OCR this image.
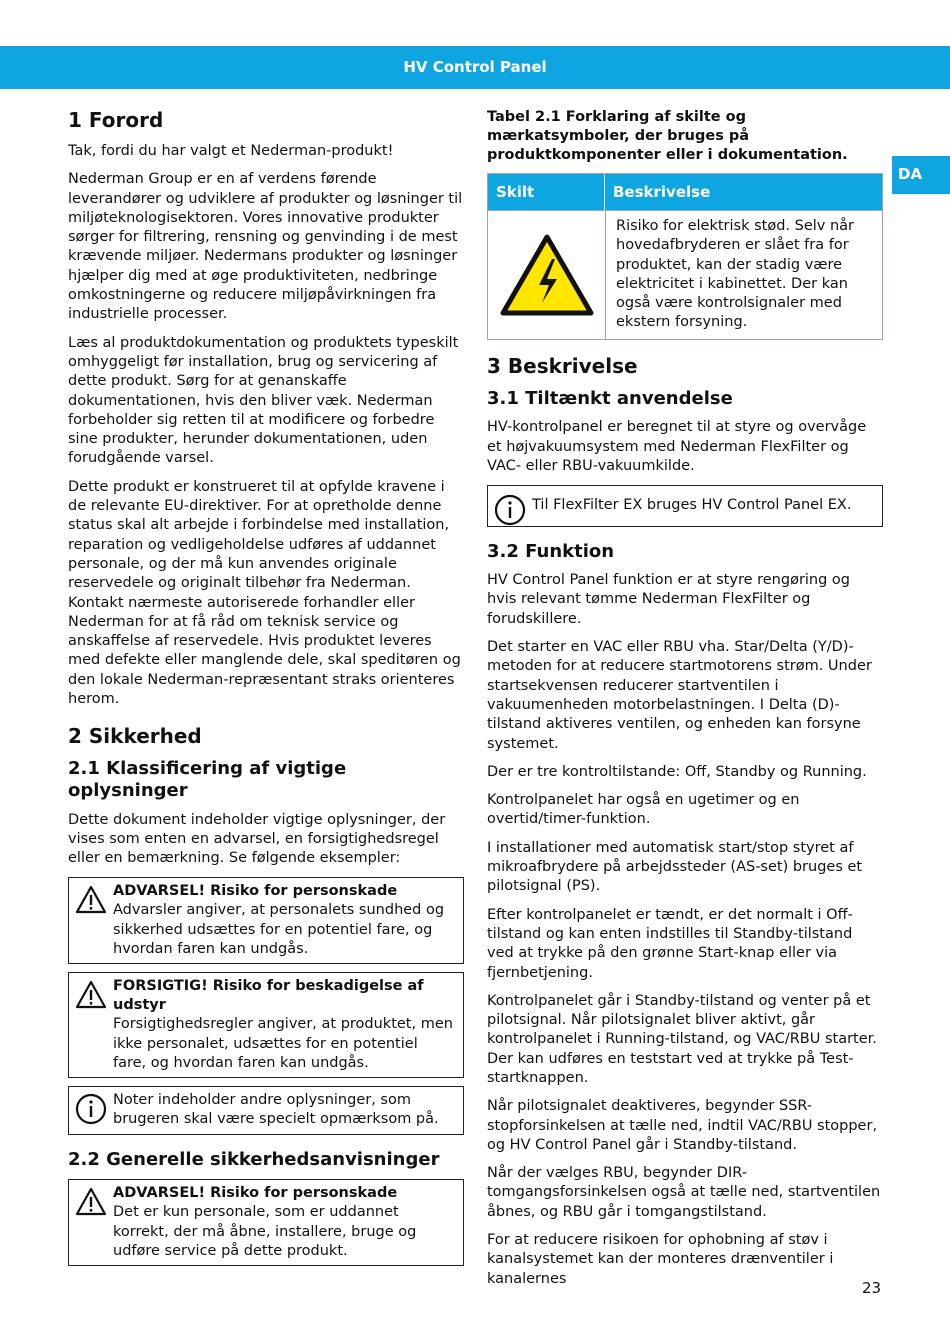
HV Control Panel
DA
1 Forord

Tak, fordi du har valgt et Nederman-produkt!

Nederman Group er en af verdens førende leverandører og udviklere af produkter og løsninger til miljøteknologisektoren. Vores innovative produkter sørger for filtrering, rensning og genvinding i de mest krævende miljøer. Nedermans produkter og løsninger hjælper dig med at øge produktiviteten, nedbringe omkostningerne og reducere miljøpåvirkningen fra industrielle processer.

Læs al produktdokumentation og produktets typeskilt omhyggeligt før installation, brug og servicering af dette produkt. Sørg for at genanskaffe dokumentationen, hvis den bliver væk. Nederman forbeholder sig retten til at modificere og forbedre sine produkter, herunder dokumentationen, uden forudgående varsel.

Dette produkt er konstrueret til at opfylde kravene i de relevante EU-direktiver. For at opretholde denne status skal alt arbejde i forbindelse med installation, reparation og vedligeholdelse udføres af uddannet personale, og der må kun anvendes originale reservedele og originalt tilbehør fra Nederman. Kontakt nærmeste autoriserede forhandler eller Nederman for at få råd om teknisk service og anskaffelse af reservedele. Hvis produktet leveres med defekte eller manglende dele, skal speditøren og den lokale Nederman-repræsentant straks orienteres herom.

2 Sikkerhed
2.1 Klassificering af vigtige oplysninger

Dette dokument indeholder vigtige oplysninger, der vises som enten en advarsel, en forsigtighedsregel eller en bemærkning. Se følgende eksempler:

ADVARSEL! Risiko for personskade
Advarsler angiver, at personalets sundhed og sikkerhed udsættes for en potentiel fare, og hvordan faren kan undgås.
FORSIGTIG! Risiko for beskadigelse af udstyr
Forsigtighedsregler angiver, at produktet, men ikke personalet, udsættes for en potentiel fare, og hvordan faren kan undgås.
Noter indeholder andre oplysninger, som brugeren skal være specielt opmærksom på.
2.2 Generelle sikkerhedsanvisninger
ADVARSEL! Risiko for personskade
Det er kun personale, som er uddannet korrekt, der må åbne, installere, bruge og udføre service på dette produkt.
Tabel 2.1 Forklaring af skilte og mærkatsymboler, der bruges på produktkomponenter eller i dokumentation.
Skilt	Beskrivelse
Risiko for elektrisk stød. Selv når hovedafbryderen er slået fra for produktet, kan der stadig være elektricitet i kabinettet. Der kan også være kontrolsignaler med ekstern forsyning.
3 Beskrivelse
3.1 Tiltænkt anvendelse

HV-kontrolpanel er beregnet til at styre og overvåge et højvakuumsystem med Nederman FlexFilter og VAC- eller RBU-vakuumkilde.

Til FlexFilter EX bruges HV Control Panel EX.
3.2 Funktion

HV Control Panel funktion er at styre rengøring og hvis relevant tømme Nederman FlexFilter og forudskillere.

Det starter en VAC eller RBU vha. Star/Delta (Y/D)-metoden for at reducere startmotorens strøm. Under startsekvensen reducerer startventilen i vakuumenheden motorbelastningen. I Delta (D)-tilstand aktiveres ventilen, og enheden kan forsyne systemet.

Der er tre kontroltilstande: Off, Standby og Running.

Kontrolpanelet har også en ugetimer og en overtid/timer-funktion.

I installationer med automatisk start/stop styret af mikroafbrydere på arbejdssteder (AS-set) bruges et pilotsignal (PS).

Efter kontrolpanelet er tændt, er det normalt i Off-tilstand og kan enten indstilles til Standby-tilstand ved at trykke på den grønne Start-knap eller via fjernbetjening.

Kontrolpanelet går i Standby-tilstand og venter på et pilotsignal. Når pilotsignalet bliver aktivt, går kontrolpanelet i Running-tilstand, og VAC/RBU starter. Der kan udføres en teststart ved at trykke på Test-startknappen.

Når pilotsignalet deaktiveres, begynder SSR-stopforsinkelsen at tælle ned, indtil VAC/RBU stopper, og HV Control Panel går i Standby-tilstand.

Når der vælges RBU, begynder DIR-tomgangsforsinkelsen også at tælle ned, startventilen åbnes, og RBU går i tomgangstilstand.

For at reducere risikoen for ophobning af støv i kanalsystemet kan der monteres drænventiler i kanalernes

23
